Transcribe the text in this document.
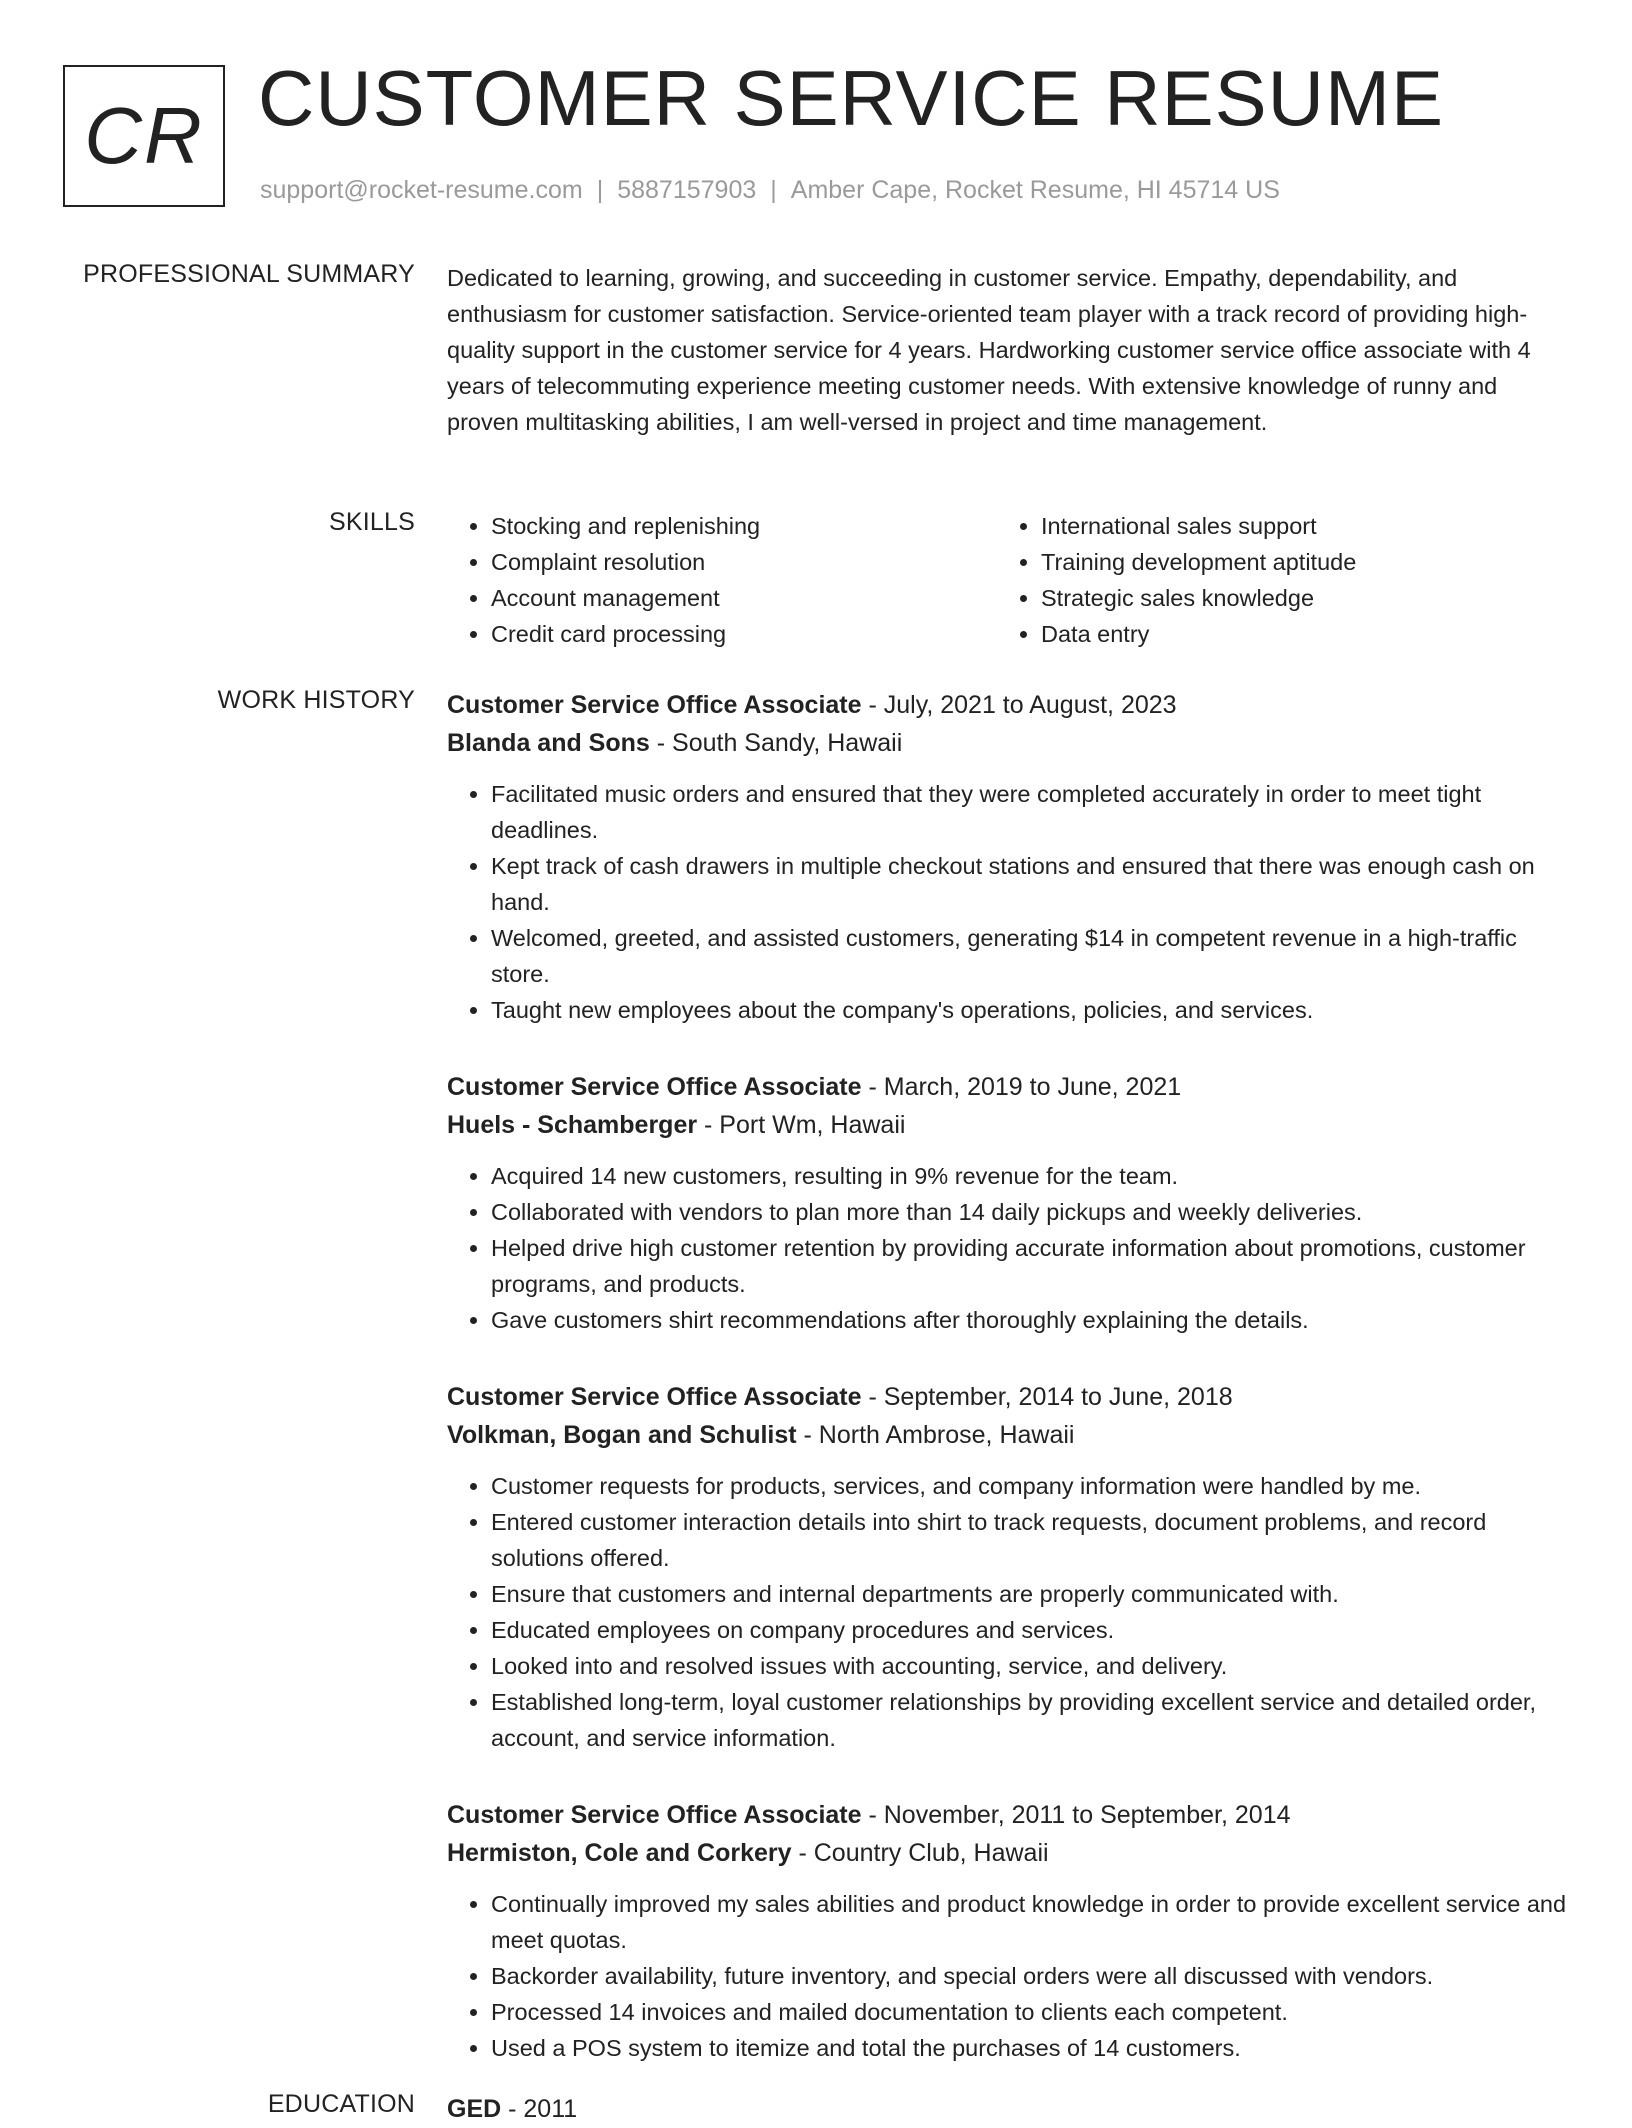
CR CUSTOMER SERVICE RESUME
support@rocket-resume.com | 5887157903 | Amber Cape, Rocket Resume, HI 45714 US
PROFESSIONAL SUMMARY Dedicated to learning, growing, and succeeding in customer service. Empathy, dependability, and enthusiasm for customer satisfaction. Service-oriented team player with a track record of providing high-quality support in the customer service for 4 years. Hardworking customer service office associate with 4 years of telecommuting experience meeting customer needs. With extensive knowledge of runny and proven multitasking abilities, I am well-versed in project and time management.

SKILLS
•	Stocking and replenishing
• Complaint resolution
• Account management
• Credit card processing
• International sales support
• Training development aptitude
• Strategic sales knowledge
• Data entry
WORK HISTORY Customer Service Office Associate - July, 2021 to August, 2023
Blanda and Sons - South Sandy, Hawaii
• Facilitated music orders and ensured that they were completed accurately in order to meet tight deadlines.
• Kept track of cash drawers in multiple checkout stations and ensured that there was enough cash on hand.
• Welcomed, greeted, and assisted customers, generating $14 in competent revenue in a high-traffic store.
• Taught new employees about the company's operations, policies, and services.
Customer Service Office Associate - March, 2019 to June, 2021
Huels - Schamberger - Port Wm, Hawaii
• Acquired 14 new customers, resulting in 9% revenue for the team.
• Collaborated with vendors to plan more than 14 daily pickups and weekly deliveries.
• Helped drive high customer retention by providing accurate information about promotions, customer programs, and products.
• Gave customers shirt recommendations after thoroughly explaining the details.
Customer Service Office Associate - September, 2014 to June, 2018
Volkman, Bogan and Schulist - North Ambrose, Hawaii
• Customer requests for products, services, and company information were handled by me.
• Entered customer interaction details into shirt to track requests, document problems, and record solutions offered.
• Ensure that customers and internal departments are properly communicated with.
• Educated employees on company procedures and services.
• Looked into and resolved issues with accounting, service, and delivery.
• Established long-term, loyal customer relationships by providing excellent service and detailed order, account, and service information.
Customer Service Office Associate - November, 2011 to September, 2014
Hermiston, Cole and Corkery - Country Club, Hawaii
• Continually improved my sales abilities and product knowledge in order to provide excellent service and meet quotas.
• Backorder availability, future inventory, and special orders were all discussed with vendors.
• Processed 14 invoices and mailed documentation to clients each competent.
• Used a POS system to itemize and total the purchases of 14 customers.
EDUCATION GED - 2011
